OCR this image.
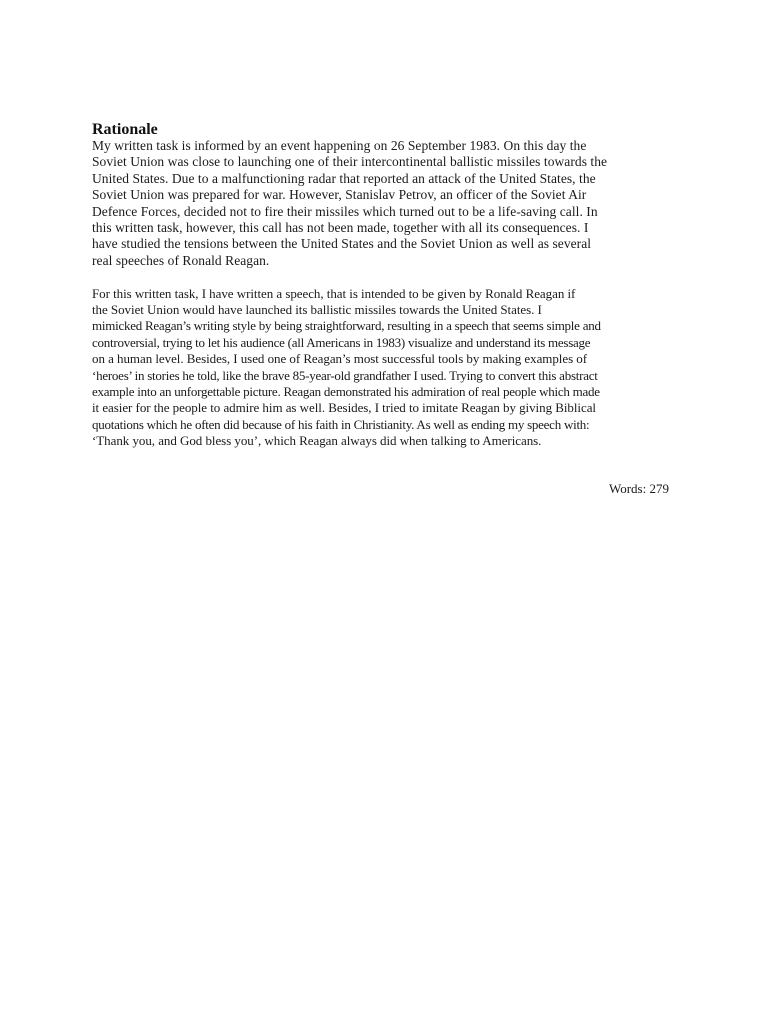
Rationale

My written task is informed by an event happening on 26 September 1983. On this day the
Soviet Union was close to launching one of their intercontinental ballistic missiles towards the
United States. Due to a malfunctioning radar that reported an attack of the United States, the
Soviet Union was prepared for war. However, Stanislav Petrov, an officer of the Soviet Air
Defence Forces, decided not to fire their missiles which turned out to be a life-saving call. In
this written task, however, this call has not been made, together with all its consequences. I
have studied the tensions between the United States and the Soviet Union as well as several
real speeches of Ronald Reagan.

For this written task, I have written a speech, that is intended to be given by Ronald Reagan if
the Soviet Union would have launched its ballistic missiles towards the United States. I
mimicked Reagan’s writing style by being straightforward, resulting in a speech that seems simple and
controversial, trying to let his audience (all Americans in 1983) visualize and understand its message
on a human level. Besides, I used one of Reagan’s most successful tools by making examples of
‘heroes’ in stories he told, like the brave 85-year-old grandfather I used. Trying to convert this abstract
example into an unforgettable picture. Reagan demonstrated his admiration of real people which made
it easier for the people to admire him as well. Besides, I tried to imitate Reagan by giving Biblical
quotations which he often did because of his faith in Christianity. As well as ending my speech with:
‘Thank you, and God bless you’, which Reagan always did when talking to Americans.

Words: 279
